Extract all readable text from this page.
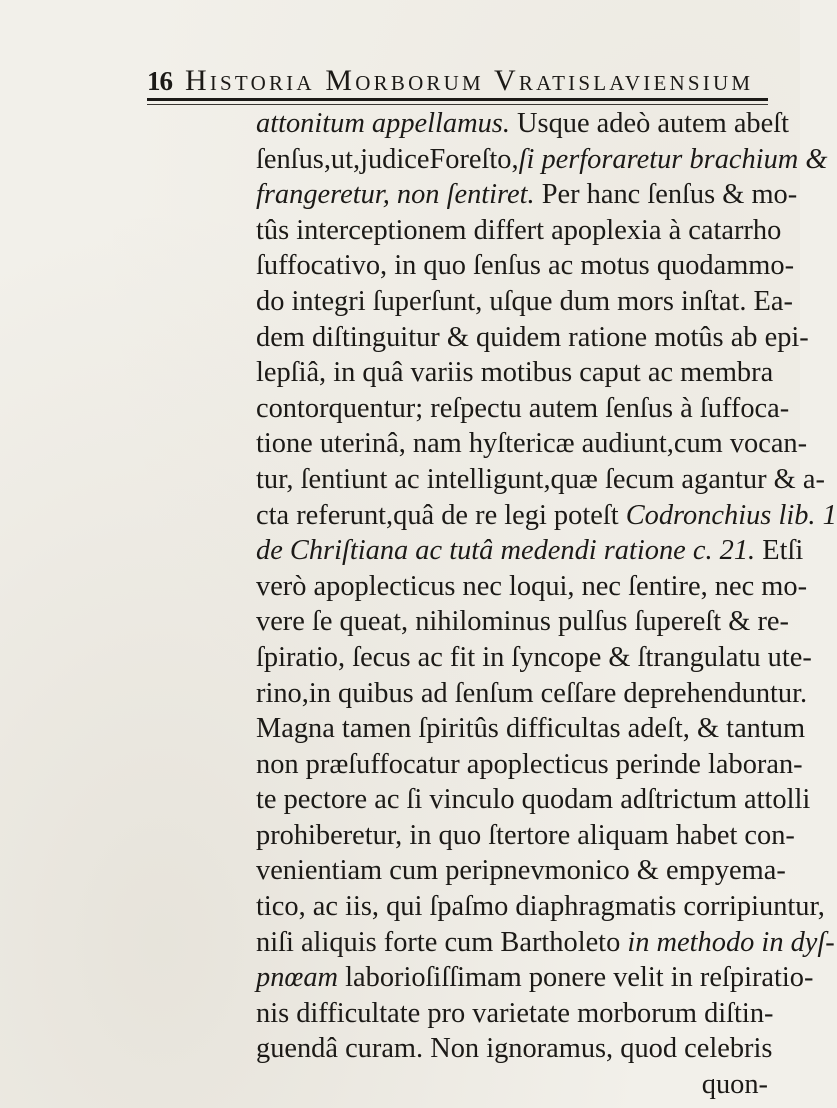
16 Historia Morborum Vratislaviensium
attonitum appellamus. Usque adeò autem abeſt
ſenſus,ut,judiceForeſto,ſi perforaretur brachium &
frangeretur, non ſentiret. Per hanc ſenſus & mo-
tûs interceptionem differt apoplexia à catarrho
ſuffocativo, in quo ſenſus ac motus quodammo-
do integri ſuperſunt, uſque dum mors inſtat. Ea-
dem diſtinguitur & quidem ratione motûs ab epi-
lepſiâ, in quâ variis motibus caput ac membra
contorquentur; reſpectu autem ſenſus à ſuffoca-
tione uterinâ, nam hyſtericæ audiunt,cum vocan-
tur, ſentiunt ac intelligunt,quæ ſecum agantur & a-
cta referunt,quâ de re legi poteſt Codronchius lib. 1
de Chriſtiana ac tutâ medendi ratione c. 21. Etſi
verò apoplecticus nec loqui, nec ſentire, nec mo-
vere ſe queat, nihilominus pulſus ſupereſt & re-
ſpiratio, ſecus ac fit in ſyncope & ſtrangulatu ute-
rino,in quibus ad ſenſum ceſſare deprehenduntur.
Magna tamen ſpiritûs difficultas adeſt, & tantum
non præſuffocatur apoplecticus perinde laboran-
te pectore ac ſi vinculo quodam adſtrictum attolli
prohiberetur, in quo ſtertore aliquam habet con-
venientiam cum peripnevmonico & empyema-
tico, ac iis, qui ſpaſmo diaphragmatis corripiuntur,
niſi aliquis forte cum Bartholeto in methodo in dyſ-
pnœam laborioſiſſimam ponere velit in reſpiratio-
nis difficultate pro varietate morborum diſtin-
guendâ curam. Non ignoramus, quod celebris
quon-
